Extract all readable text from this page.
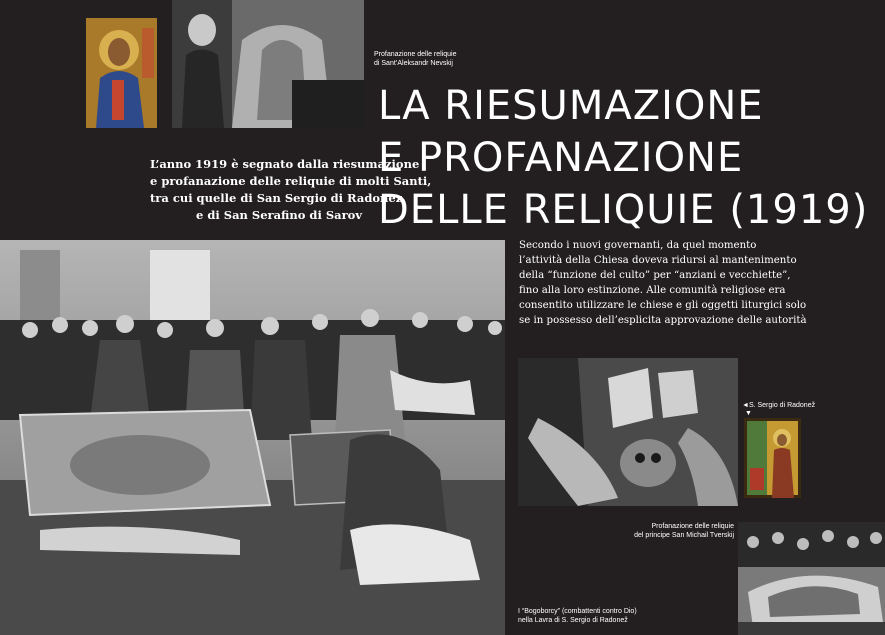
Profanazione delle reliquie
di Sant’Aleksandr Nevskij
LA RIESUMAZIONE
E PROFANAZIONE
DELLE RELIQUIE (1919)
L’anno 1919 è segnato dalla riesumazione
e profanazione delle reliquie di molti Santi,
tra cui quelle di San Sergio di Radonez
e di San Serafino di Sarov
Secondo i nuovi governanti, da quel momento
l’attività della Chiesa doveva ridursi al mantenimento
della “funzione del culto” per “anziani e vecchiette”,
fino alla loro estinzione. Alle comunità religiose era
consentito utilizzare le chiese e gli oggetti liturgici solo
se in possesso dell’esplicita approvazione delle autorità
◄S. Sergio di Radonež
▼
Profanazione delle reliquie
del principe San Michail Tverskij
I “Bogoborcy” (combattenti contro Dio)
nella Lavra di S. Sergio di Radonež
